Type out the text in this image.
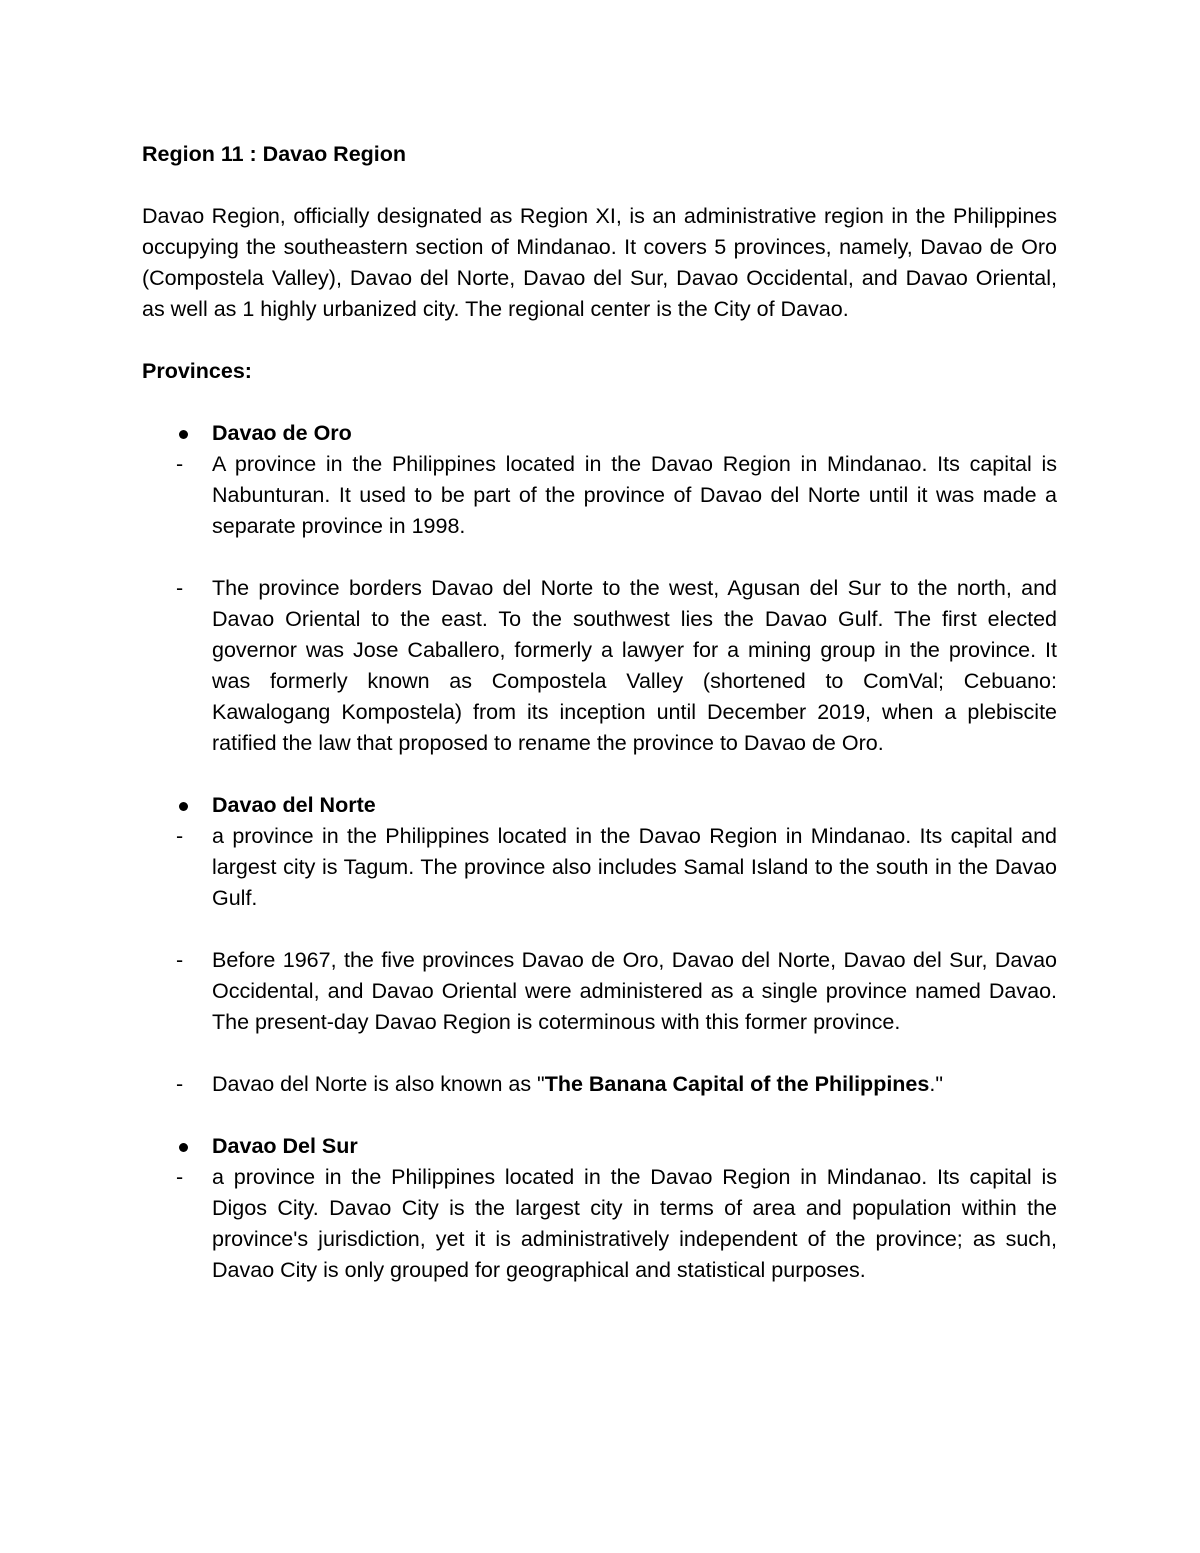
Region 11 : Davao Region

Davao Region, officially designated as Region XI, is an administrative region in the Philippines occupying the southeastern section of Mindanao. It covers 5 provinces, namely, Davao de Oro (Compostela Valley), Davao del Norte, Davao del Sur, Davao Occidental, and Davao Oriental, as well as 1 highly urbanized city. The regional center is the City of Davao.

Provinces:

Davao de Oro
- A province in the Philippines located in the Davao Region in Mindanao. Its capital is Nabunturan. It used to be part of the province of Davao del Norte until it was made a separate province in 1998.
- The province borders Davao del Norte to the west, Agusan del Sur to the north, and Davao Oriental to the east. To the southwest lies the Davao Gulf. The first elected governor was Jose Caballero, formerly a lawyer for a mining group in the province. It was formerly known as Compostela Valley (shortened to ComVal; Cebuano: Kawalogang Kompostela) from its inception until December 2019, when a plebiscite ratified the law that proposed to rename the province to Davao de Oro.
Davao del Norte
- a province in the Philippines located in the Davao Region in Mindanao. Its capital and largest city is Tagum. The province also includes Samal Island to the south in the Davao Gulf.
- Before 1967, the five provinces Davao de Oro, Davao del Norte, Davao del Sur, Davao Occidental, and Davao Oriental were administered as a single province named Davao. The present-day Davao Region is coterminous with this former province.
- Davao del Norte is also known as "The Banana Capital of the Philippines."
Davao Del Sur
- a province in the Philippines located in the Davao Region in Mindanao. Its capital is Digos City. Davao City is the largest city in terms of area and population within the province's jurisdiction, yet it is administratively independent of the province; as such, Davao City is only grouped for geographical and statistical purposes.
